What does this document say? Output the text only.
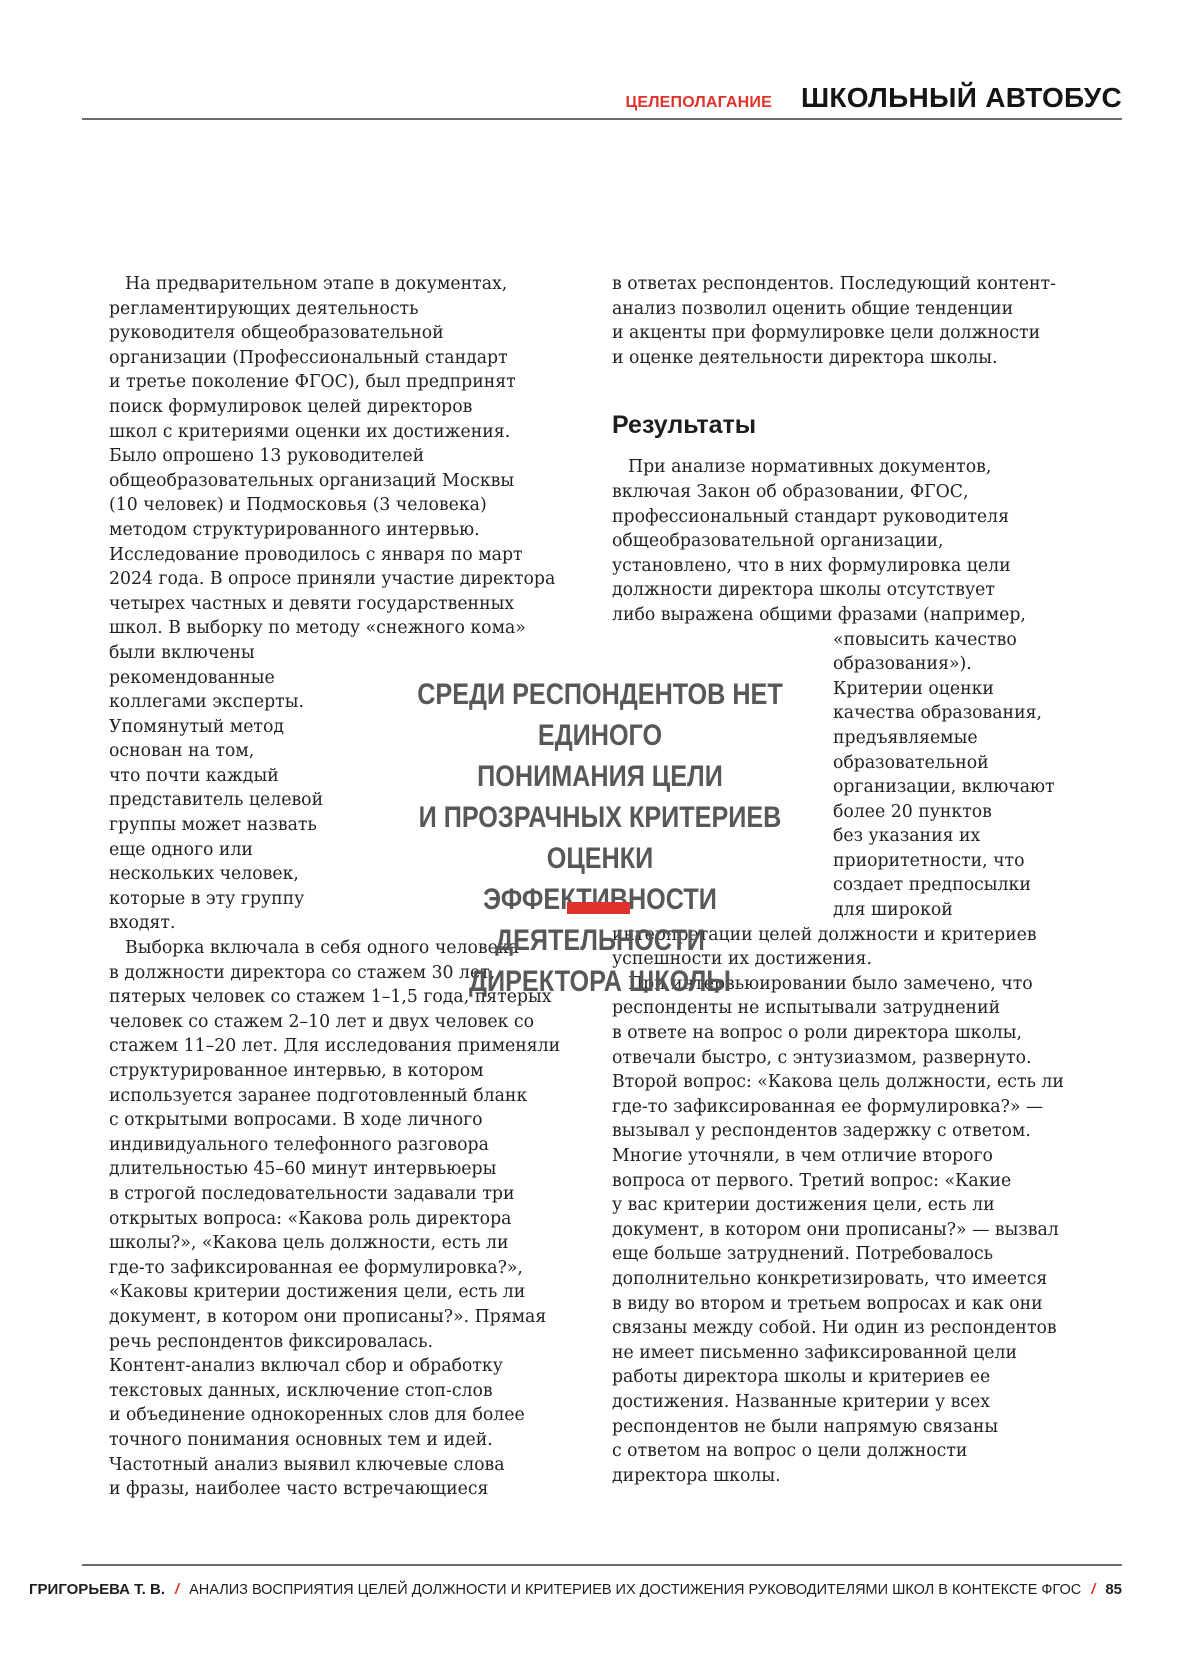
ЦЕЛЕПОЛАГАНИЕ ШКОЛЬНЫЙ АВТОБУС

На предварительном этапе в документах,
регламентирующих деятельность
руководителя общеобразовательной
организации (Профессиональный стандарт
и третье поколение ФГОС), был предпринят
поиск формулировок целей директоров
школ с критериями оценки их достижения.
Было опрошено 13 руководителей
общеобразовательных организаций Москвы
(10 человек) и Подмосковья (3 человека)
методом структурированного интервью.
Исследование проводилось с января по март
2024 года. В опросе приняли участие директора
четырех частных и девяти государственных
школ. В выборку по методу «снежного кома»
были включены
рекомендованные
коллегами эксперты.
Упомянутый метод
основан на том,
что почти каждый
представитель целевой
группы может назвать
еще одного или
нескольких человек,
которые в эту группу
входят.

Выборка включала в себя одного человека
в должности директора со стажем 30 лет,
пятерых человек со стажем 1–1,5 года, пятерых
человек со стажем 2–10 лет и двух человек со
стажем 11–20 лет. Для исследования применяли
структурированное интервью, в котором
используется заранее подготовленный бланк
с открытыми вопросами. В ходе личного
индивидуального телефонного разговора
длительностью 45–60 минут интервьюеры
в строгой последовательности задавали три
открытых вопроса: «Какова роль директора
школы?», «Какова цель должности, есть ли
где-то зафиксированная ее формулировка?»,
«Каковы критерии достижения цели, есть ли
документ, в котором они прописаны?». Прямая
речь респондентов фиксировалась.
Контент-анализ включал сбор и обработку
текстовых данных, исключение стоп-слов
и объединение однокоренных слов для более
точного понимания основных тем и идей.
Частотный анализ выявил ключевые слова
и фразы, наиболее часто встречающиеся

в ответах респондентов. Последующий контент-
анализ позволил оценить общие тенденции
и акценты при формулировке цели должности
и оценке деятельности директора школы.

Результаты

При анализе нормативных документов,
включая Закон об образовании, ФГОС,
профессиональный стандарт руководителя
общеобразовательной организации,
установлено, что в них формулировка цели
должности директора школы отсутствует
либо выражена общими фразами (например,
«повысить качество
образования»).
Критерии оценки
качества образования,
предъявляемые
образовательной
организации, включают
более 20 пунктов
без указания их
приоритетности, что
создает предпосылки
для широкой
интерпретации целей должности и критериев
успешности их достижения.

При интервьюировании было замечено, что
респонденты не испытывали затруднений
в ответе на вопрос о роли директора школы,
отвечали быстро, с энтузиазмом, развернуто.
Второй вопрос: «Какова цель должности, есть ли
где-то зафиксированная ее формулировка?» —
вызывал у респондентов задержку с ответом.
Многие уточняли, в чем отличие второго
вопроса от первого. Третий вопрос: «Какие
у вас критерии достижения цели, есть ли
документ, в котором они прописаны?» — вызвал
еще больше затруднений. Потребовалось
дополнительно конкретизировать, что имеется
в виду во втором и третьем вопросах и как они
связаны между собой. Ни один из респондентов
не имеет письменно зафиксированной цели
работы директора школы и критериев ее
достижения. Названные критерии у всех
респондентов не были напрямую связаны
с ответом на вопрос о цели должности
директора школы.

СРЕДИ РЕСПОНДЕНТОВ НЕТ ЕДИНОГО
ПОНИМАНИЯ ЦЕЛИ
И ПРОЗРАЧНЫХ КРИТЕРИЕВ ОЦЕНКИ
ЭФФЕКТИВНОСТИ ДЕЯТЕЛЬНОСТИ
ДИРЕКТОРА ШКОЛЫ
ГРИГОРЬЕВА Т. В. / АНАЛИЗ ВОСПРИЯТИЯ ЦЕЛЕЙ ДОЛЖНОСТИ И КРИТЕРИЕВ ИХ ДОСТИЖЕНИЯ РУКОВОДИТЕЛЯМИ ШКОЛ В КОНТЕКСТЕ ФГОС / 85
